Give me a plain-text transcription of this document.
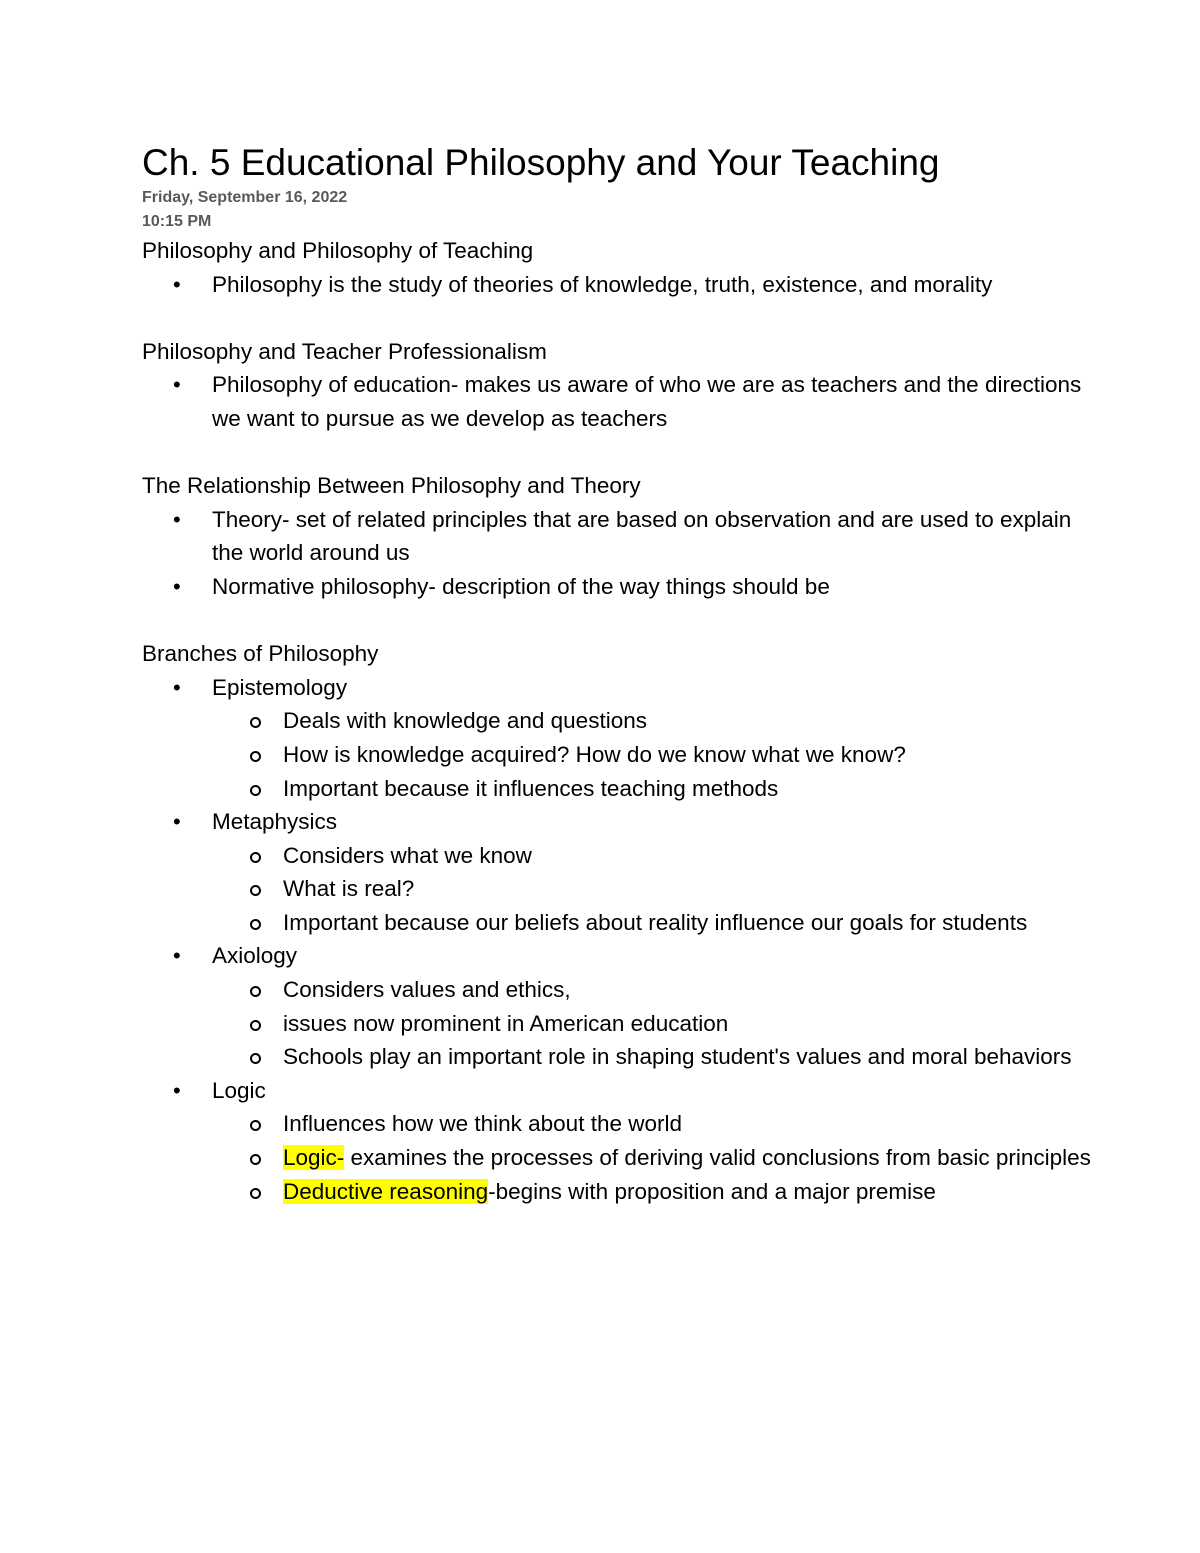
Ch. 5 Educational Philosophy and Your Teaching
Friday, September 16, 2022
10:15 PM

Philosophy and Philosophy of Teaching

• Philosophy is the study of theories of knowledge, truth, existence, and morality

Philosophy and Teacher Professionalism

• Philosophy of education- makes us aware of who we are as teachers and the directions we want to pursue as we develop as teachers

The Relationship Between Philosophy and Theory

• Theory- set of related principles that are based on observation and are used to explain the world around us
• Normative philosophy- description of the way things should be

Branches of Philosophy

• Epistemology
Deals with knowledge and questions
How is knowledge acquired? How do we know what we know?
Important because it influences teaching methods
• Metaphysics
Considers what we know
What is real?
Important because our beliefs about reality influence our goals for students
• Axiology
Considers values and ethics,
issues now prominent in American education
Schools play an important role in shaping student's values and moral behaviors
• Logic
Influences how we think about the world
Logic- examines the processes of deriving valid conclusions from basic principles
Deductive reasoning-begins with proposition and a major premise
